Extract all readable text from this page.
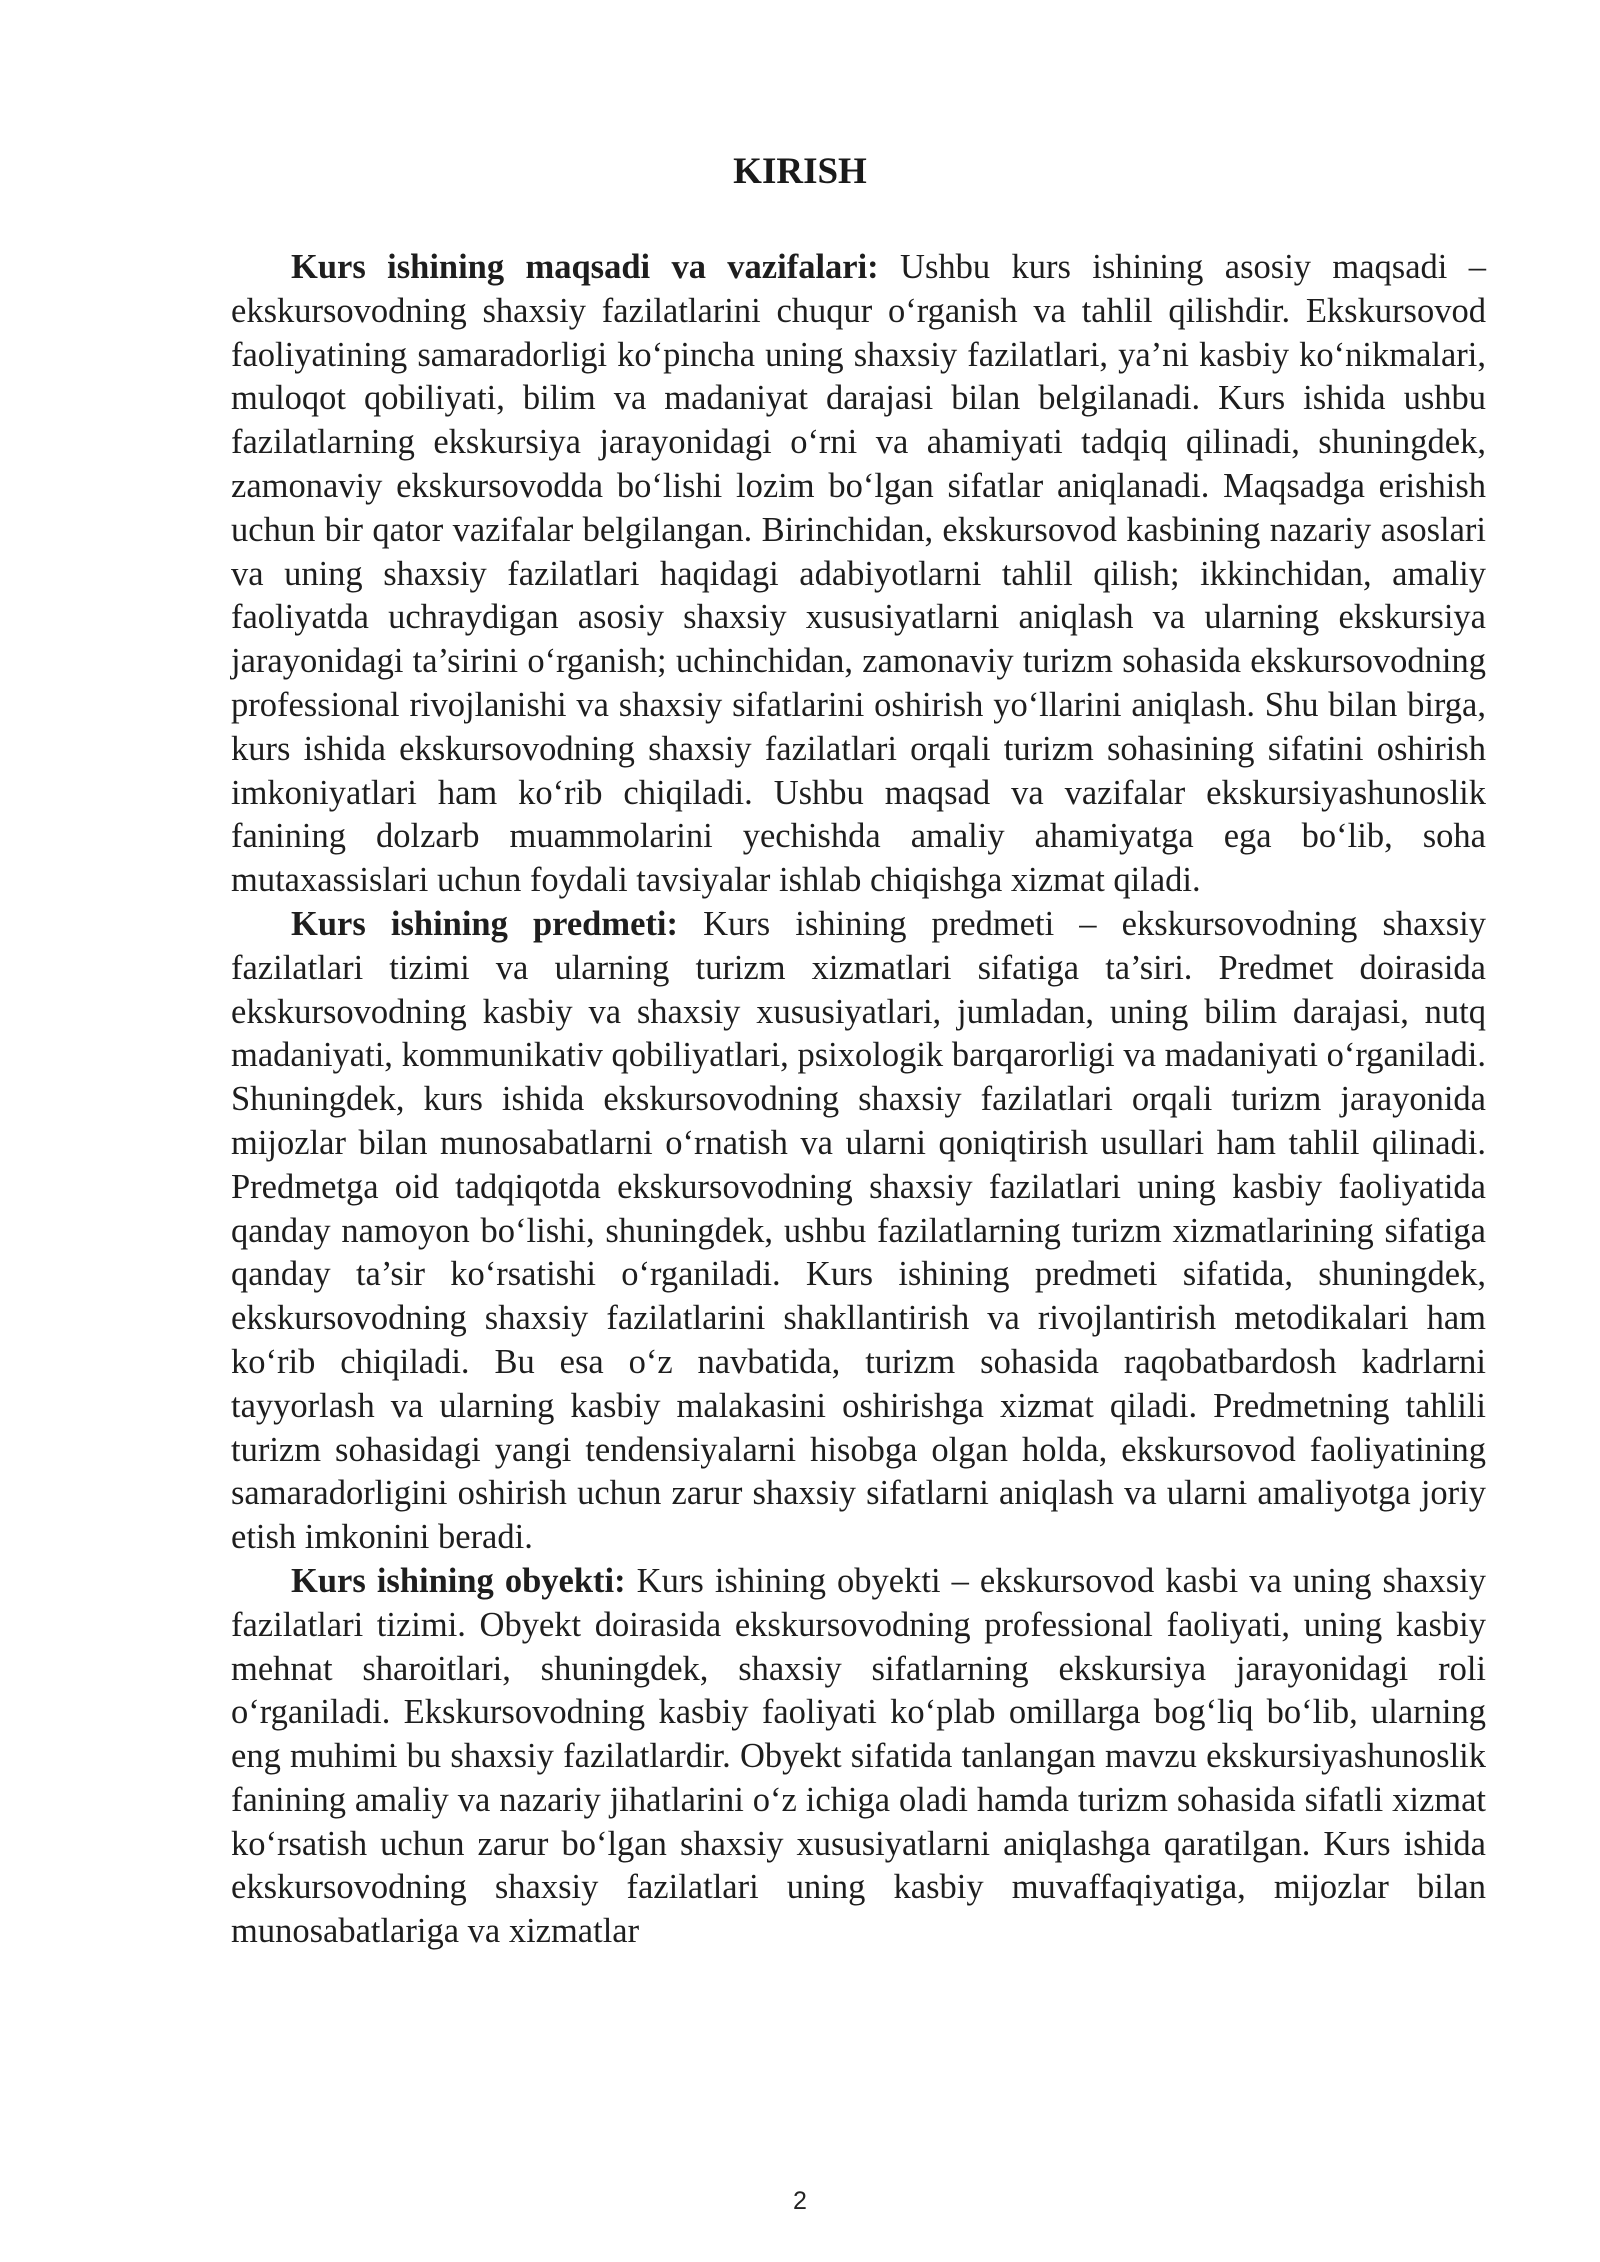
KIRISH

Kurs ishining maqsadi va vazifalari: Ushbu kurs ishining asosiy maqsadi – ekskursovodning shaxsiy fazilatlarini chuqur o‘rganish va tahlil qilishdir. Ekskursovod faoliyatining samaradorligi ko‘pincha uning shaxsiy fazilatlari, ya’ni kasbiy ko‘nikmalari, muloqot qobiliyati, bilim va madaniyat darajasi bilan belgilanadi. Kurs ishida ushbu fazilatlarning ekskursiya jarayonidagi o‘rni va ahamiyati tadqiq qilinadi, shuningdek, zamonaviy ekskursovodda bo‘lishi lozim bo‘lgan sifatlar aniqlanadi. Maqsadga erishish uchun bir qator vazifalar belgilangan. Birinchidan, ekskursovod kasbining nazariy asoslari va uning shaxsiy fazilatlari haqidagi adabiyotlarni tahlil qilish; ikkinchidan, amaliy faoliyatda uchraydigan asosiy shaxsiy xususiyatlarni aniqlash va ularning ekskursiya jarayonidagi ta’sirini o‘rganish; uchinchidan, zamonaviy turizm sohasida ekskursovodning professional rivojlanishi va shaxsiy sifatlarini oshirish yo‘llarini aniqlash. Shu bilan birga, kurs ishida ekskursovodning shaxsiy fazilatlari orqali turizm sohasining sifatini oshirish imkoniyatlari ham ko‘rib chiqiladi. Ushbu maqsad va vazifalar ekskursiyashunoslik fanining dolzarb muammolarini yechishda amaliy ahamiyatga ega bo‘lib, soha mutaxassislari uchun foydali tavsiyalar ishlab chiqishga xizmat qiladi.

Kurs ishining predmeti: Kurs ishining predmeti – ekskursovodning shaxsiy fazilatlari tizimi va ularning turizm xizmatlari sifatiga ta’siri. Predmet doirasida ekskursovodning kasbiy va shaxsiy xususiyatlari, jumladan, uning bilim darajasi, nutq madaniyati, kommunikativ qobiliyatlari, psixologik barqarorligi va madaniyati o‘rganiladi. Shuningdek, kurs ishida ekskursovodning shaxsiy fazilatlari orqali turizm jarayonida mijozlar bilan munosabatlarni o‘rnatish va ularni qoniqtirish usullari ham tahlil qilinadi. Predmetga oid tadqiqotda ekskursovodning shaxsiy fazilatlari uning kasbiy faoliyatida qanday namoyon bo‘lishi, shuningdek, ushbu fazilatlarning turizm xizmatlarining sifatiga qanday ta’sir ko‘rsatishi o‘rganiladi. Kurs ishining predmeti sifatida, shuningdek, ekskursovodning shaxsiy fazilatlarini shakllantirish va rivojlantirish metodikalari ham ko‘rib chiqiladi. Bu esa o‘z navbatida, turizm sohasida raqobatbardosh kadrlarni tayyorlash va ularning kasbiy malakasini oshirishga xizmat qiladi. Predmetning tahlili turizm sohasidagi yangi tendensiyalarni hisobga olgan holda, ekskursovod faoliyatining samaradorligini oshirish uchun zarur shaxsiy sifatlarni aniqlash va ularni amaliyotga joriy etish imkonini beradi.

Kurs ishining obyekti: Kurs ishining obyekti – ekskursovod kasbi va uning shaxsiy fazilatlari tizimi. Obyekt doirasida ekskursovodning professional faoliyati, uning kasbiy mehnat sharoitlari, shuningdek, shaxsiy sifatlarning ekskursiya jarayonidagi roli o‘rganiladi. Ekskursovodning kasbiy faoliyati ko‘plab omillarga bog‘liq bo‘lib, ularning eng muhimi bu shaxsiy fazilatlardir. Obyekt sifatida tanlangan mavzu ekskursiyashunoslik fanining amaliy va nazariy jihatlarini o‘z ichiga oladi hamda turizm sohasida sifatli xizmat ko‘rsatish uchun zarur bo‘lgan shaxsiy xususiyatlarni aniqlashga qaratilgan. Kurs ishida ekskursovodning shaxsiy fazilatlari uning kasbiy muvaffaqiyatiga, mijozlar bilan munosabatlariga va xizmatlar

2
